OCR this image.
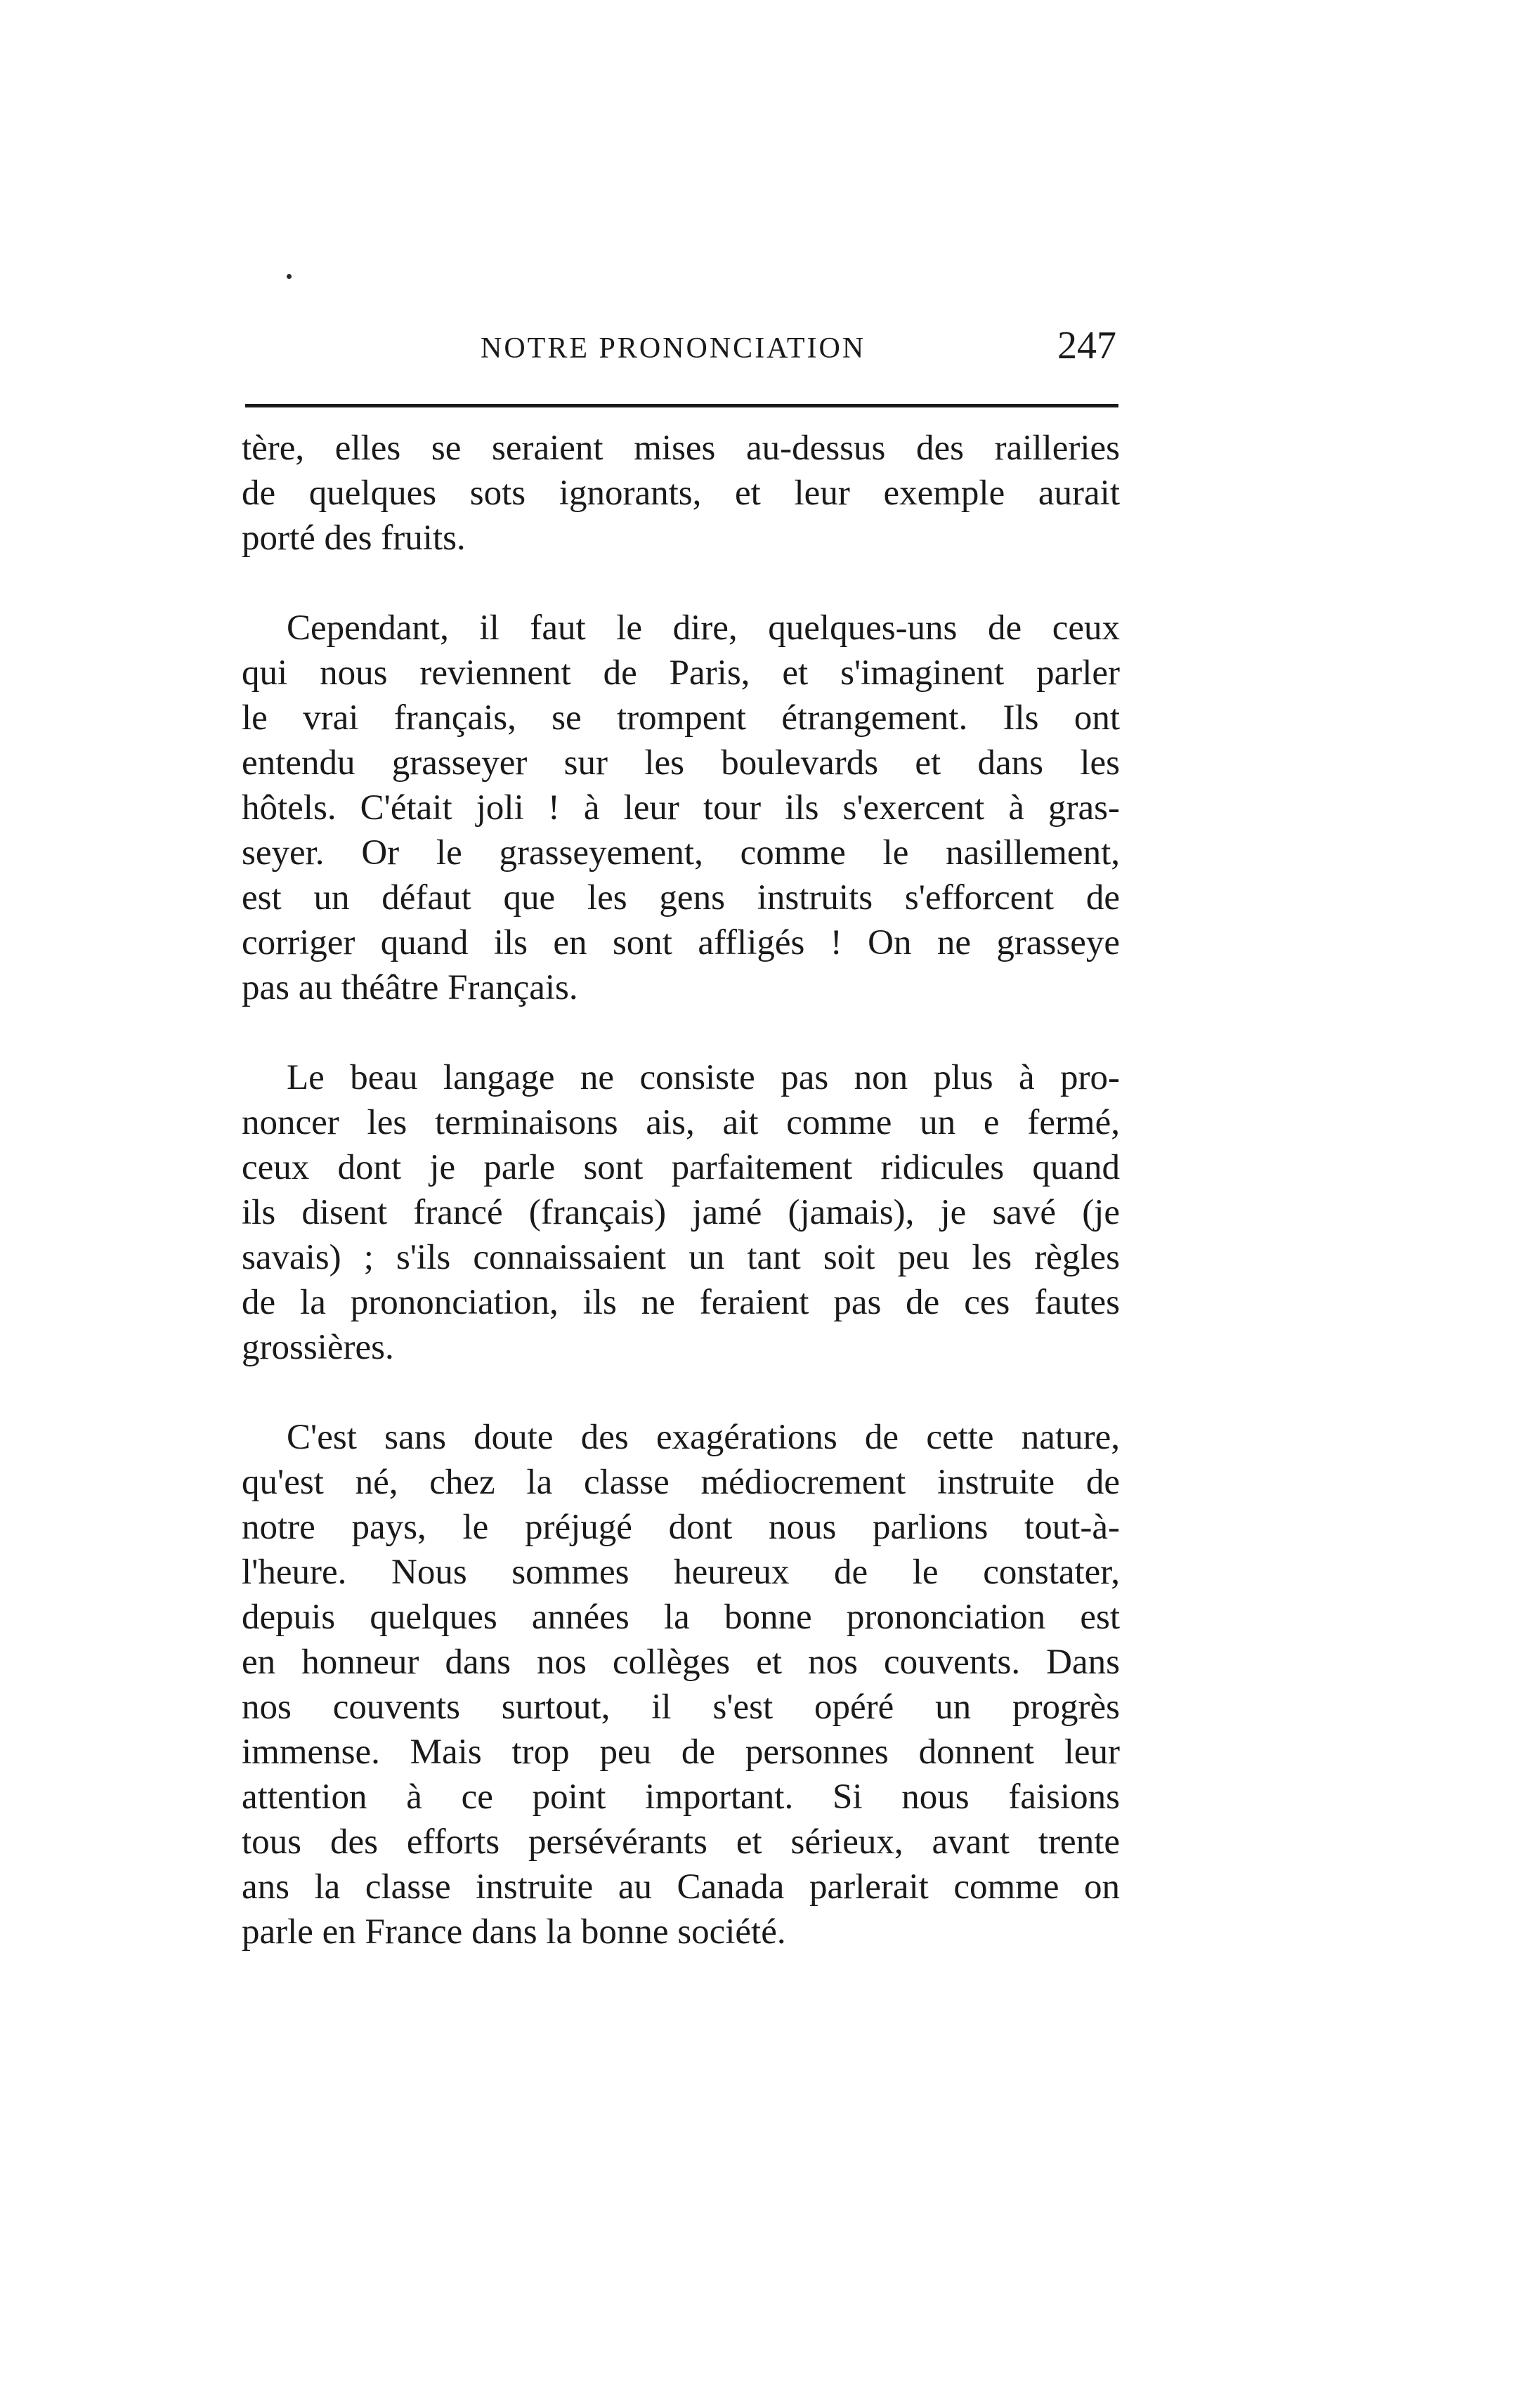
NOTRE PRONONCIATION	247

tère, elles se seraient mises au-dessus des railleries
de quelques sots ignorants, et leur exemple aurait
porté des fruits.

Cependant, il faut le dire, quelques-uns de ceux
qui nous reviennent de Paris, et s'imaginent parler
le vrai français, se trompent étrangement. Ils ont
entendu grasseyer sur les boulevards et dans les
hôtels. C'était joli ! à leur tour ils s'exercent à gras-
seyer. Or le grasseyement, comme le nasillement,
est un défaut que les gens instruits s'efforcent de
corriger quand ils en sont affligés ! On ne grasseye
pas au théâtre Français.

Le beau langage ne consiste pas non plus à pro-
noncer les terminaisons ais, ait comme un e fermé,
ceux dont je parle sont parfaitement ridicules quand
ils disent francé (français) jamé (jamais), je savé (je
savais) ; s'ils connaissaient un tant soit peu les règles
de la prononciation, ils ne feraient pas de ces fautes
grossières.

C'est sans doute des exagérations de cette nature,
qu'est né, chez la classe médiocrement instruite de
notre pays, le préjugé dont nous parlions tout-à-
l'heure. Nous sommes heureux de le constater,
depuis quelques années la bonne prononciation est
en honneur dans nos collèges et nos couvents. Dans
nos couvents surtout, il s'est opéré un progrès
immense. Mais trop peu de personnes donnent leur
attention à ce point important. Si nous faisions
tous des efforts persévérants et sérieux, avant trente
ans la classe instruite au Canada parlerait comme on
parle en France dans la bonne société.
